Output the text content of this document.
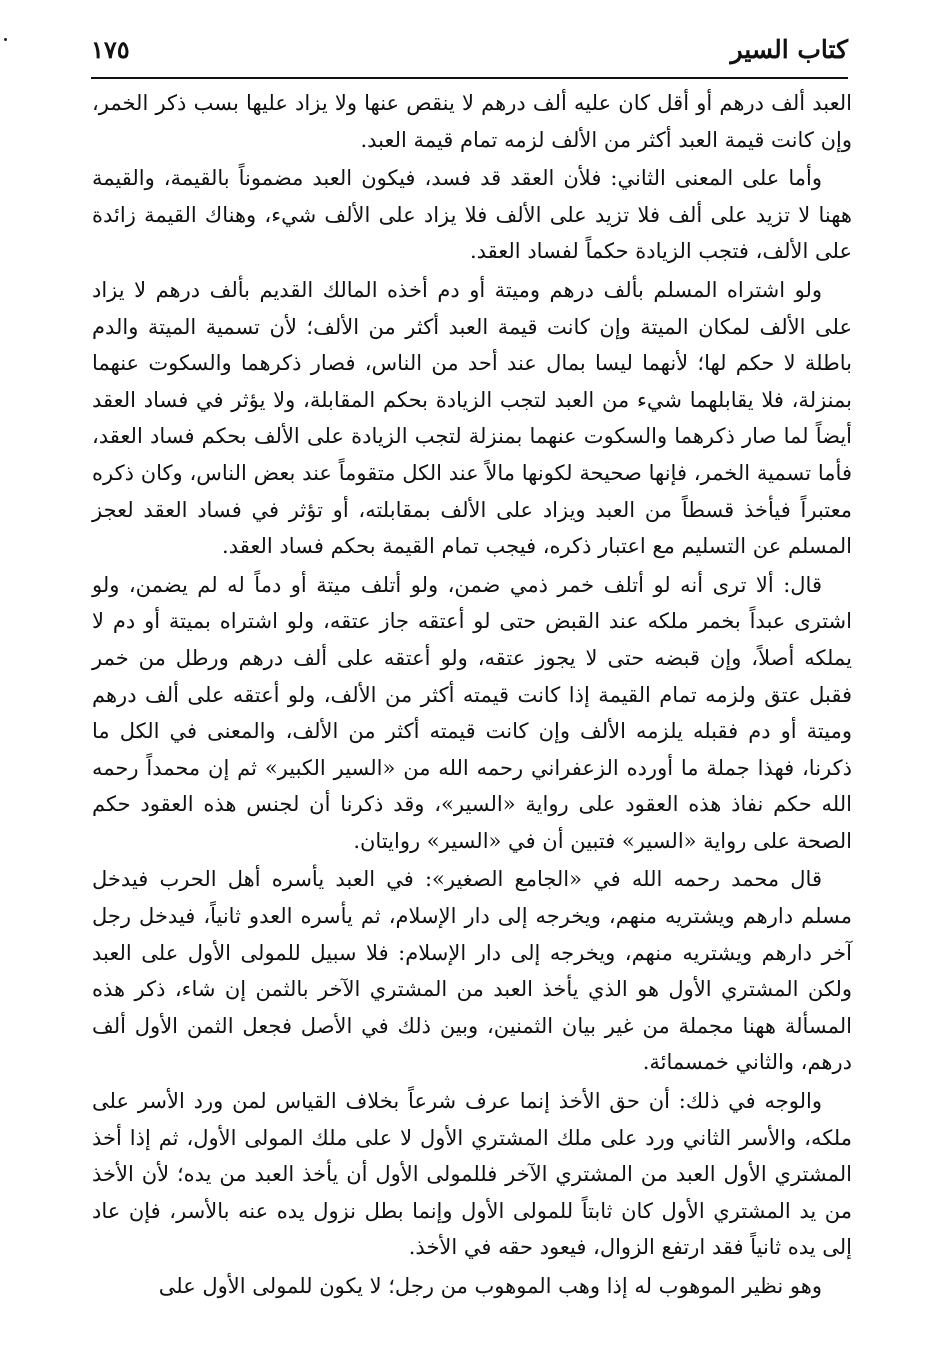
كتاب السير
١٧٥

العبد ألف درهم أو أقل كان عليه ألف درهم لا ينقص عنها ولا يزاد عليها بسب ذكر الخمر، وإن كانت قيمة العبد أكثر من الألف لزمه تمام قيمة العبد.

وأما على المعنى الثاني: فلأن العقد قد فسد، فيكون العبد مضموناً بالقيمة، والقيمة ههنا لا تزيد على ألف فلا تزيد على الألف فلا يزاد على الألف شيء، وهناك القيمة زائدة على الألف، فتجب الزيادة حكماً لفساد العقد.

ولو اشتراه المسلم بألف درهم وميتة أو دم أخذه المالك القديم بألف درهم لا يزاد على الألف لمكان الميتة وإن كانت قيمة العبد أكثر من الألف؛ لأن تسمية الميتة والدم باطلة لا حكم لها؛ لأنهما ليسا بمال عند أحد من الناس، فصار ذكرهما والسكوت عنهما بمنزلة، فلا يقابلهما شيء من العبد لتجب الزيادة بحكم المقابلة، ولا يؤثر في فساد العقد أيضاً لما صار ذكرهما والسكوت عنهما بمنزلة لتجب الزيادة على الألف بحكم فساد العقد، فأما تسمية الخمر، فإنها صحيحة لكونها مالاً عند الكل متقوماً عند بعض الناس، وكان ذكره معتبراً فيأخذ قسطاً من العبد ويزاد على الألف بمقابلته، أو تؤثر في فساد العقد لعجز المسلم عن التسليم مع اعتبار ذكره، فيجب تمام القيمة بحكم فساد العقد.

قال: ألا ترى أنه لو أتلف خمر ذمي ضمن، ولو أتلف ميتة أو دماً له لم يضمن، ولو اشترى عبداً بخمر ملكه عند القبض حتى لو أعتقه جاز عتقه، ولو اشتراه بميتة أو دم لا يملكه أصلاً، وإن قبضه حتى لا يجوز عتقه، ولو أعتقه على ألف درهم ورطل من خمر فقبل عتق ولزمه تمام القيمة إذا كانت قيمته أكثر من الألف، ولو أعتقه على ألف درهم وميتة أو دم فقبله يلزمه الألف وإن كانت قيمته أكثر من الألف، والمعنى في الكل ما ذكرنا، فهذا جملة ما أورده الزعفراني رحمه الله من «السير الكبير» ثم إن محمداً رحمه الله حكم نفاذ هذه العقود على رواية «السير»، وقد ذكرنا أن لجنس هذه العقود حكم الصحة على رواية «السير» فتبين أن في «السير» روايتان.

قال محمد رحمه الله في «الجامع الصغير»: في العبد يأسره أهل الحرب فيدخل مسلم دارهم ويشتريه منهم، ويخرجه إلى دار الإسلام، ثم يأسره العدو ثانياً، فيدخل رجل آخر دارهم ويشتريه منهم، ويخرجه إلى دار الإسلام: فلا سبيل للمولى الأول على العبد ولكن المشتري الأول هو الذي يأخذ العبد من المشتري الآخر بالثمن إن شاء، ذكر هذه المسألة ههنا مجملة من غير بيان الثمنين، وبين ذلك في الأصل فجعل الثمن الأول ألف درهم، والثاني خمسمائة.

والوجه في ذلك: أن حق الأخذ إنما عرف شرعاً بخلاف القياس لمن ورد الأسر على ملكه، والأسر الثاني ورد على ملك المشتري الأول لا على ملك المولى الأول، ثم إذا أخذ المشتري الأول العبد من المشتري الآخر فللمولى الأول أن يأخذ العبد من يده؛ لأن الأخذ من يد المشتري الأول كان ثابتاً للمولى الأول وإنما بطل نزول يده عنه بالأسر، فإن عاد إلى يده ثانياً فقد ارتفع الزوال، فيعود حقه في الأخذ.

وهو نظير الموهوب له إذا وهب الموهوب من رجل؛ لا يكون للمولى الأول على
